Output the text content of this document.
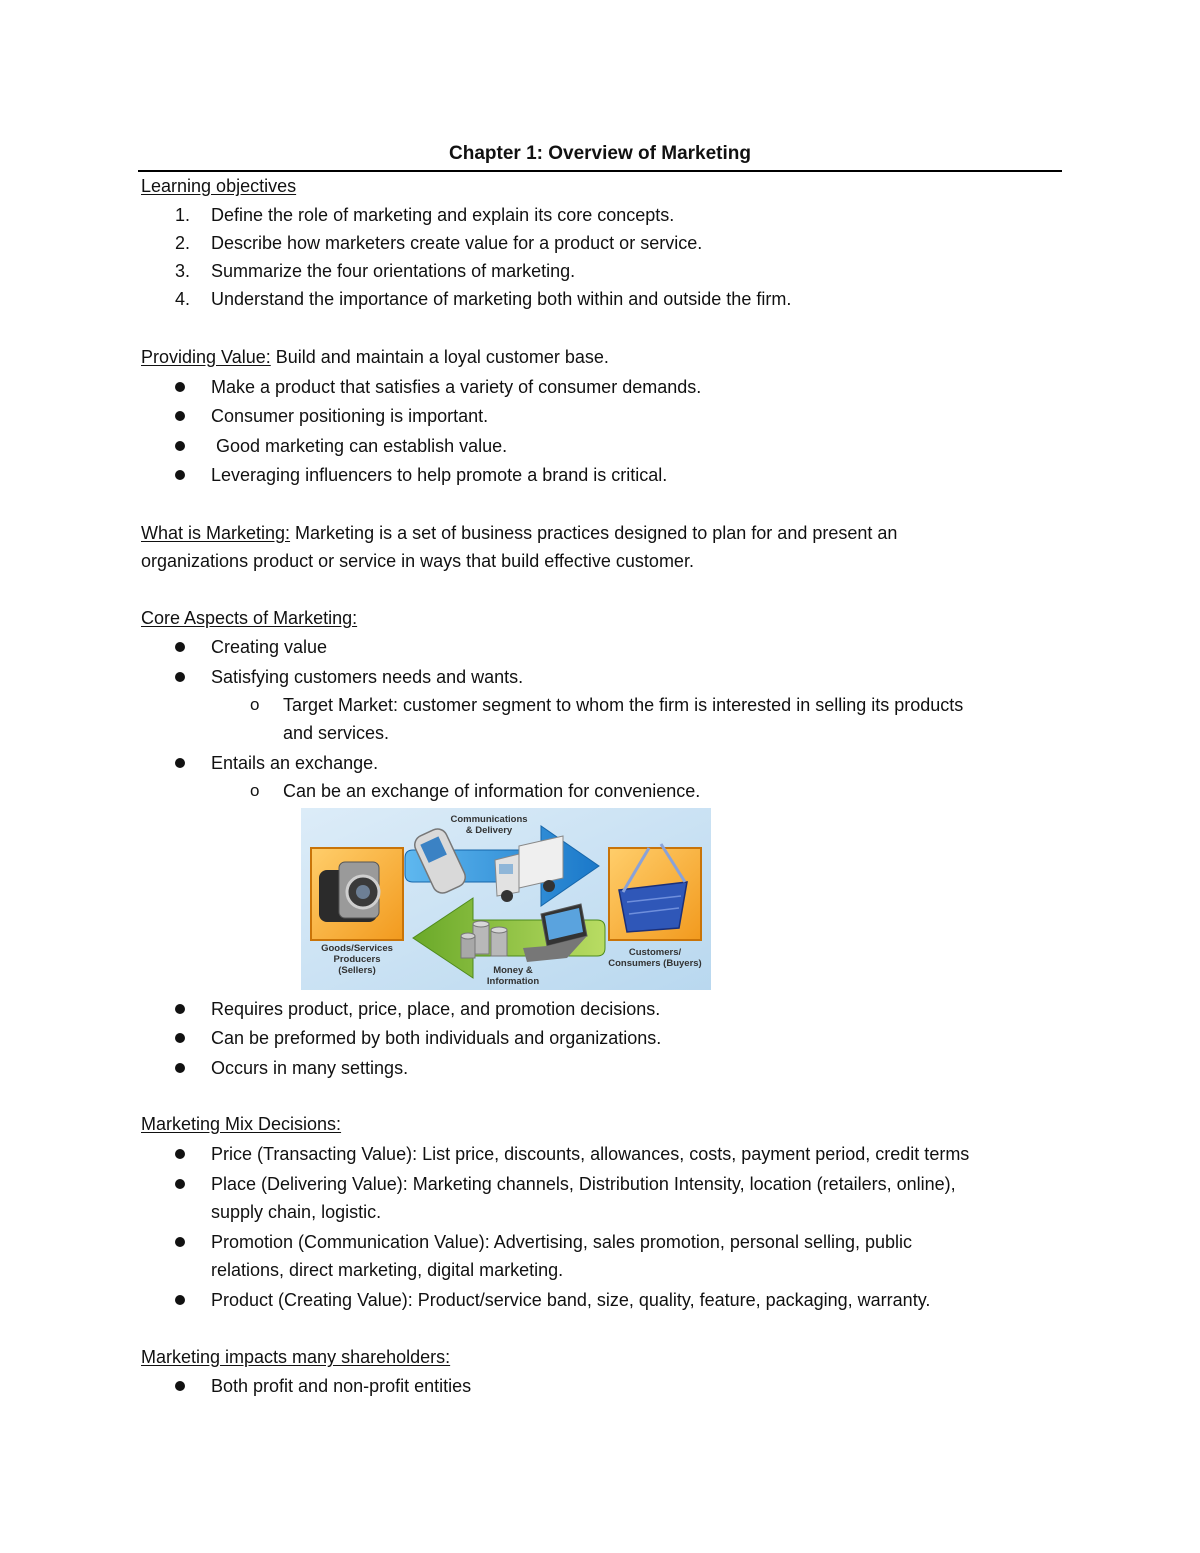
Chapter 1: Overview of Marketing
Learning objectives
1. Define the role of marketing and explain its core concepts.
2. Describe how marketers create value for a product or service.
3. Summarize the four orientations of marketing.
4. Understand the importance of marketing both within and outside the firm.
Providing Value: Build and maintain a loyal customer base.
Make a product that satisfies a variety of consumer demands.
Consumer positioning is important.
Good marketing can establish value.
Leveraging influencers to help promote a brand is critical.
What is Marketing: Marketing is a set of business practices designed to plan for and present an
organizations product or service in ways that build effective customer.
Core Aspects of Marketing:
Creating value
Satisfying customers needs and wants.
o Target Market: customer segment to whom the firm is interested in selling its products
and services.
Entails an exchange.
o Can be an exchange of information for convenience.
Communications
& Delivery
Goods/Services
Producers
(Sellers)	Money &
Information
Customers/
Consumers (Buyers)
Requires product, price, place, and promotion decisions.
Can be preformed by both individuals and organizations.
Occurs in many settings.
Marketing Mix Decisions:
Price (Transacting Value): List price, discounts, allowances, costs, payment period, credit terms
Place (Delivering Value): Marketing channels, Distribution Intensity, location (retailers, online),
supply chain, logistic.
Promotion (Communication Value): Advertising, sales promotion, personal selling, public
relations, direct marketing, digital marketing.
Product (Creating Value): Product/service band, size, quality, feature, packaging, warranty.
Marketing impacts many shareholders:
Both profit and non-profit entities
